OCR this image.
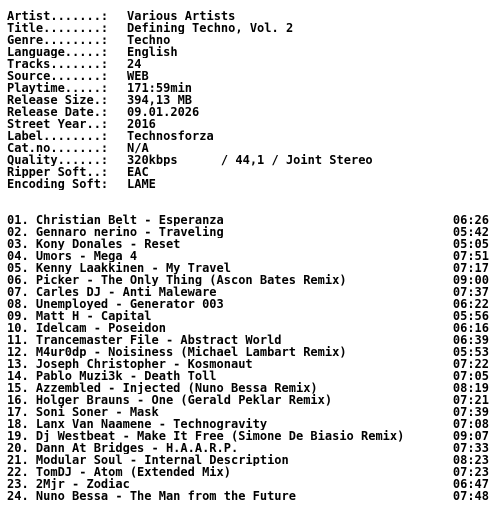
Artist.......:	Various Artists
Title........:	Defining Techno, Vol. 2
Genre........:	Techno
Language.....:	English
Tracks.......:	24
Source.......:	WEB
Playtime.....:	171:59min
Release Size.:	394,13 MB
Release Date.:	09.01.2026
Street Year..:	2016
Label........:	Technosforza
Cat.no.......:	N/A
Quality......:	320kbps      / 44,1 / Joint Stereo
Ripper Soft..:	EAC
Encoding Soft:	LAME
01. Christian Belt - Esperanza	06:26
02. Gennaro nerino - Traveling	05:42
03. Kony Donales - Reset	05:05
04. Umors - Mega 4	07:51
05. Kenny Laakkinen - My Travel	07:17
06. Picker - The Only Thing (Ascon Bates Remix)	09:00
07. Carles DJ - Anti Maleware	07:37
08. Unemployed - Generator 003	06:22
09. Matt H - Capital	05:56
10. Idelcam - Poseidon	06:16
11. Trancemaster File - Abstract World	06:39
12. M4ur0dp - Noisiness (Michael Lambart Remix)	05:53
13. Joseph Christopher - Kosmonaut	07:22
14. Pablo Muzi3k - Death Toll	07:05
15. Azzembled - Injected (Nuno Bessa Remix)	08:19
16. Holger Brauns - One (Gerald Peklar Remix)	07:21
17. Soni Soner - Mask	07:39
18. Lanx Van Naamene - Technogravity	07:08
19. Dj Westbeat - Make It Free (Simone De Biasio Remix)	09:07
20. Dann At Bridges - H.A.A.R.P.	07:33
21. Modular Soul - Internal Description	08:23
22. TomDJ - Atom (Extended Mix)	07:23
23. 2Mjr - Zodiac	06:47
24. Nuno Bessa - The Man from the Future	07:48
